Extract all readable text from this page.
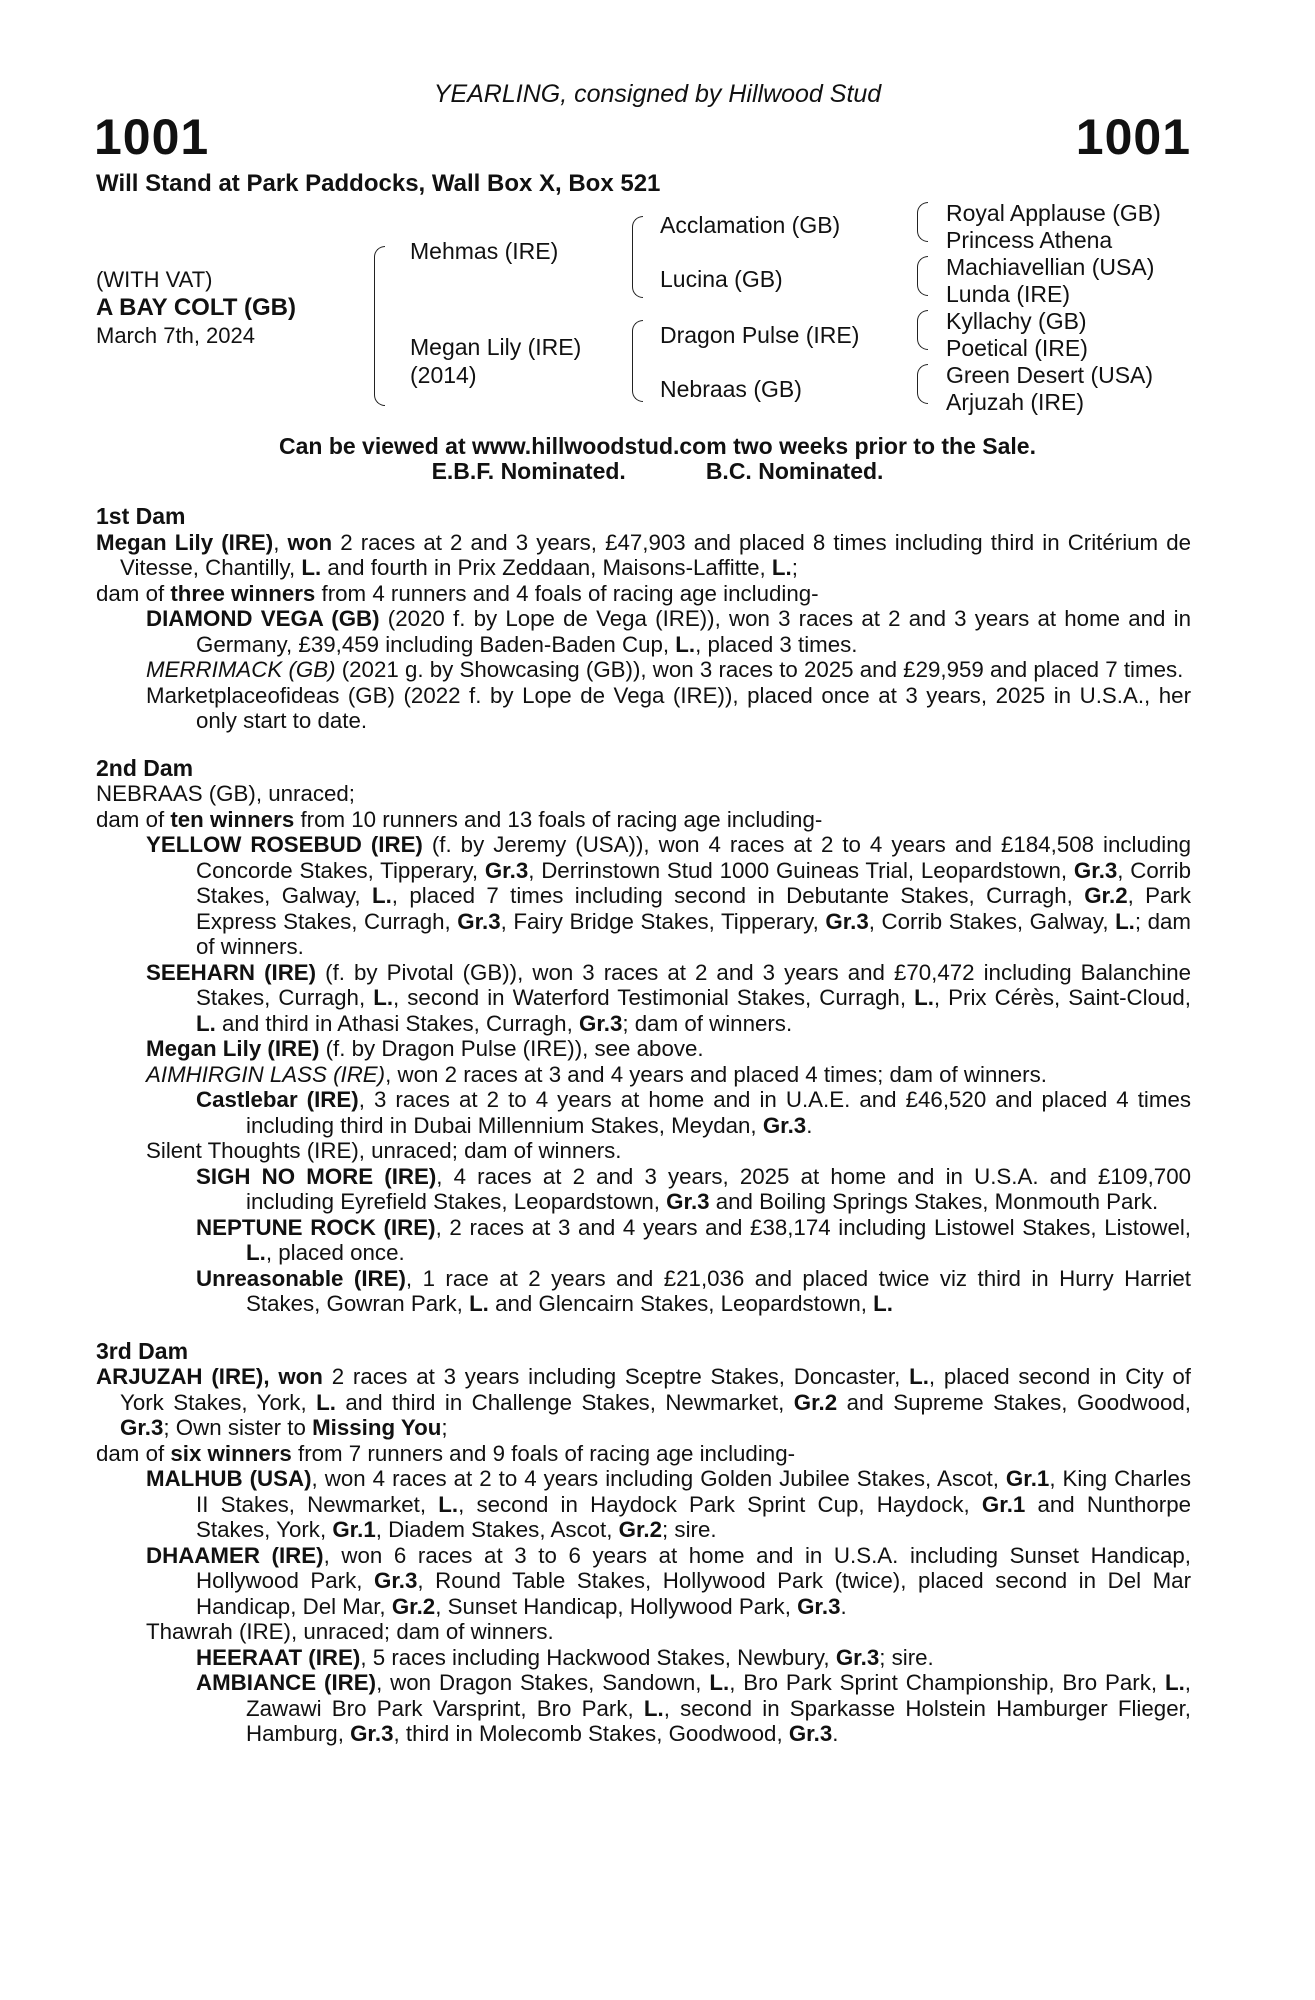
YEARLING, consigned by Hillwood Stud
1001	1001
Will Stand at Park Paddocks, Wall Box X, Box 521
(WITH VAT)
A BAY COLT (GB)
March 7th, 2024
Mehmas (IRE)
Megan Lily (IRE)
(2014)
Acclamation (GB)
Lucina (GB)
Dragon Pulse (IRE)
Nebraas (GB)
Royal Applause (GB)
Princess Athena
Machiavellian (USA)
Lunda (IRE)
Kyllachy (GB)
Poetical (IRE)
Green Desert (USA)
Arjuzah (IRE)
Can be viewed at www.hillwoodstud.com two weeks prior to the Sale.
E.B.F. Nominated.	B.C. Nominated.
1st Dam
Megan Lily (IRE), won 2 races at 2 and 3 years, £47,903 and placed 8 times including third in Critérium de Vitesse, Chantilly, L. and fourth in Prix Zeddaan, Maisons-Laffitte, L.;
dam of three winners from 4 runners and 4 foals of racing age including-
DIAMOND VEGA (GB) (2020 f. by Lope de Vega (IRE)), won 3 races at 2 and 3 years at home and in Germany, £39,459 including Baden-Baden Cup, L., placed 3 times.
MERRIMACK (GB) (2021 g. by Showcasing (GB)), won 3 races to 2025 and £29,959 and placed 7 times.
Marketplaceofideas (GB) (2022 f. by Lope de Vega (IRE)), placed once at 3 years, 2025 in U.S.A., her only start to date.
2nd Dam
NEBRAAS (GB), unraced;
dam of ten winners from 10 runners and 13 foals of racing age including-
YELLOW ROSEBUD (IRE) (f. by Jeremy (USA)), won 4 races at 2 to 4 years and £184,508 including Concorde Stakes, Tipperary, Gr.3, Derrinstown Stud 1000 Guineas Trial, Leopardstown, Gr.3, Corrib Stakes, Galway, L., placed 7 times including second in Debutante Stakes, Curragh, Gr.2, Park Express Stakes, Curragh, Gr.3, Fairy Bridge Stakes, Tipperary, Gr.3, Corrib Stakes, Galway, L.; dam of winners.
SEEHARN (IRE) (f. by Pivotal (GB)), won 3 races at 2 and 3 years and £70,472 including Balanchine Stakes, Curragh, L., second in Waterford Testimonial Stakes, Curragh, L., Prix Cérès, Saint-Cloud, L. and third in Athasi Stakes, Curragh, Gr.3; dam of winners.
Megan Lily (IRE) (f. by Dragon Pulse (IRE)), see above.
AIMHIRGIN LASS (IRE), won 2 races at 3 and 4 years and placed 4 times; dam of winners.
Castlebar (IRE), 3 races at 2 to 4 years at home and in U.A.E. and £46,520 and placed 4 times including third in Dubai Millennium Stakes, Meydan, Gr.3.
Silent Thoughts (IRE), unraced; dam of winners.
SIGH NO MORE (IRE), 4 races at 2 and 3 years, 2025 at home and in U.S.A. and £109,700 including Eyrefield Stakes, Leopardstown, Gr.3 and Boiling Springs Stakes, Monmouth Park.
NEPTUNE ROCK (IRE), 2 races at 3 and 4 years and £38,174 including Listowel Stakes, Listowel, L., placed once.
Unreasonable (IRE), 1 race at 2 years and £21,036 and placed twice viz third in Hurry Harriet Stakes, Gowran Park, L. and Glencairn Stakes, Leopardstown, L.
3rd Dam
ARJUZAH (IRE), won 2 races at 3 years including Sceptre Stakes, Doncaster, L., placed second in City of York Stakes, York, L. and third in Challenge Stakes, Newmarket, Gr.2 and Supreme Stakes, Goodwood, Gr.3; Own sister to Missing You;
dam of six winners from 7 runners and 9 foals of racing age including-
MALHUB (USA), won 4 races at 2 to 4 years including Golden Jubilee Stakes, Ascot, Gr.1, King Charles II Stakes, Newmarket, L., second in Haydock Park Sprint Cup, Haydock, Gr.1 and Nunthorpe Stakes, York, Gr.1, Diadem Stakes, Ascot, Gr.2; sire.
DHAAMER (IRE), won 6 races at 3 to 6 years at home and in U.S.A. including Sunset Handicap, Hollywood Park, Gr.3, Round Table Stakes, Hollywood Park (twice), placed second in Del Mar Handicap, Del Mar, Gr.2, Sunset Handicap, Hollywood Park, Gr.3.
Thawrah (IRE), unraced; dam of winners.
HEERAAT (IRE), 5 races including Hackwood Stakes, Newbury, Gr.3; sire.
AMBIANCE (IRE), won Dragon Stakes, Sandown, L., Bro Park Sprint Championship, Bro Park, L., Zawawi Bro Park Varsprint, Bro Park, L., second in Sparkasse Holstein Hamburger Flieger, Hamburg, Gr.3, third in Molecomb Stakes, Goodwood, Gr.3.
